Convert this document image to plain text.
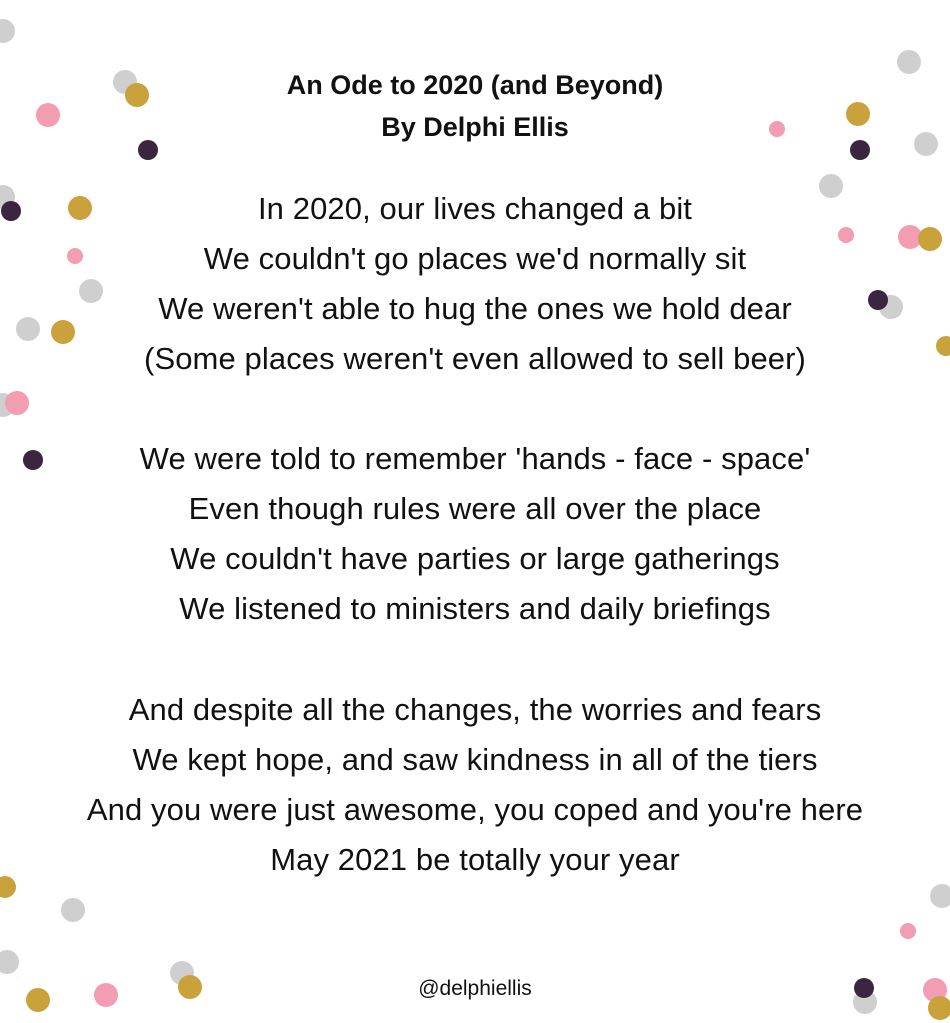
An Ode to 2020 (and Beyond)
By Delphi Ellis
In 2020, our lives changed a bit
We couldn't go places we'd normally sit
We weren't able to hug the ones we hold dear
(Some places weren't even allowed to sell beer)
We were told to remember 'hands - face - space'
Even though rules were all over the place
We couldn't have parties or large gatherings
We listened to ministers and daily briefings
And despite all the changes, the worries and fears
We kept hope, and saw kindness in all of the tiers
And you were just awesome, you coped and you're here
May 2021 be totally your year
@delphiellis
